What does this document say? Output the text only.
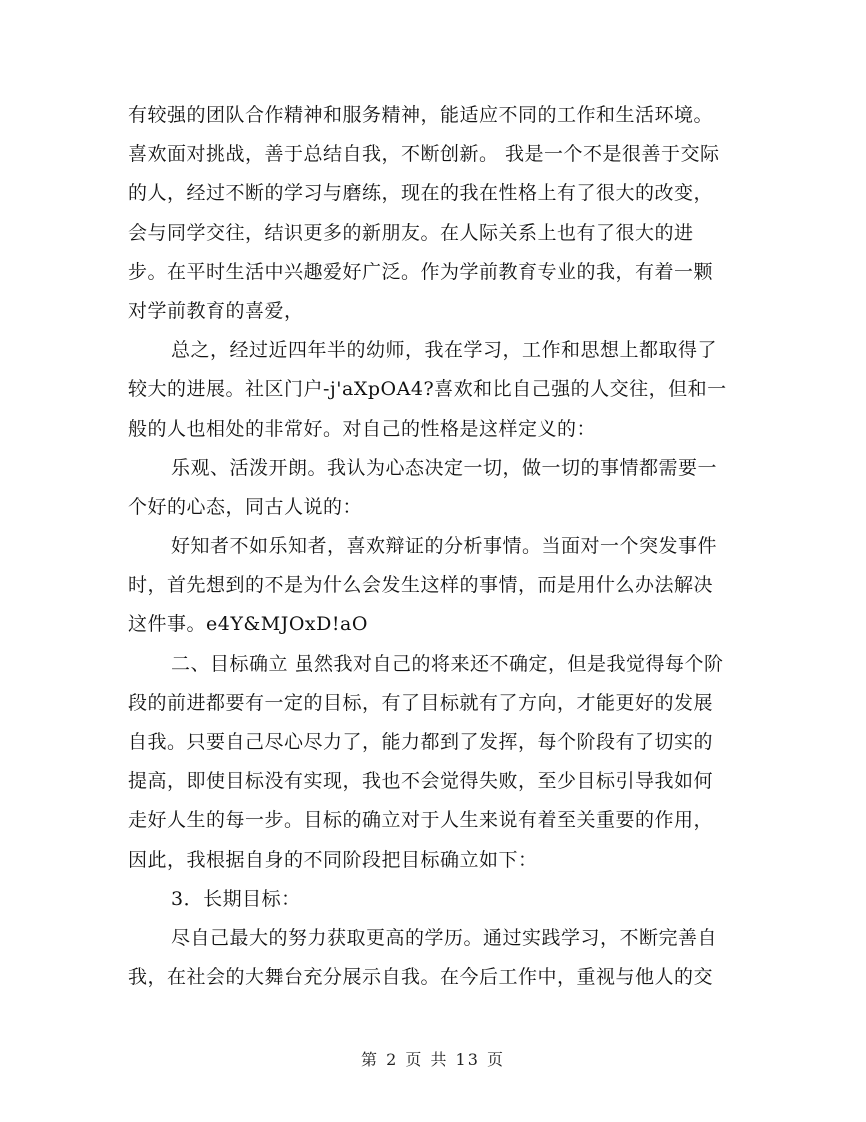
有较强的团队合作精神和服务精神，能适应不同的工作和生活环境。
喜欢面对挑战，善于总结自我，不断创新。 我是一个不是很善于交际
的人，经过不断的学习与磨练，现在的我在性格上有了很大的改变，
会与同学交往，结识更多的新朋友。在人际关系上也有了很大的进
步。在平时生活中兴趣爱好广泛。作为学前教育专业的我，有着一颗
对学前教育的喜爱，
总之，经过近四年半的幼师，我在学习，工作和思想上都取得了
较大的进展。社区门户-j'aXpOA4?喜欢和比自己强的人交往，但和一
般的人也相处的非常好。对自己的性格是这样定义的：
乐观、活泼开朗。我认为心态决定一切，做一切的事情都需要一
个好的心态，同古人说的：
好知者不如乐知者，喜欢辩证的分析事情。当面对一个突发事件
时，首先想到的不是为什么会发生这样的事情，而是用什么办法解决
这件事。e4Y&MJOxD!aO
二、目标确立 虽然我对自己的将来还不确定，但是我觉得每个阶
段的前进都要有一定的目标，有了目标就有了方向，才能更好的发展
自我。只要自己尽心尽力了，能力都到了发挥，每个阶段有了切实的
提高，即使目标没有实现，我也不会觉得失败，至少目标引导我如何
走好人生的每一步。目标的确立对于人生来说有着至关重要的作用，
因此，我根据自身的不同阶段把目标确立如下：
3．长期目标：
尽自己最大的努力获取更高的学历。通过实践学习，不断完善自
我，在社会的大舞台充分展示自我。在今后工作中，重视与他人的交
第 2 页 共 13 页
